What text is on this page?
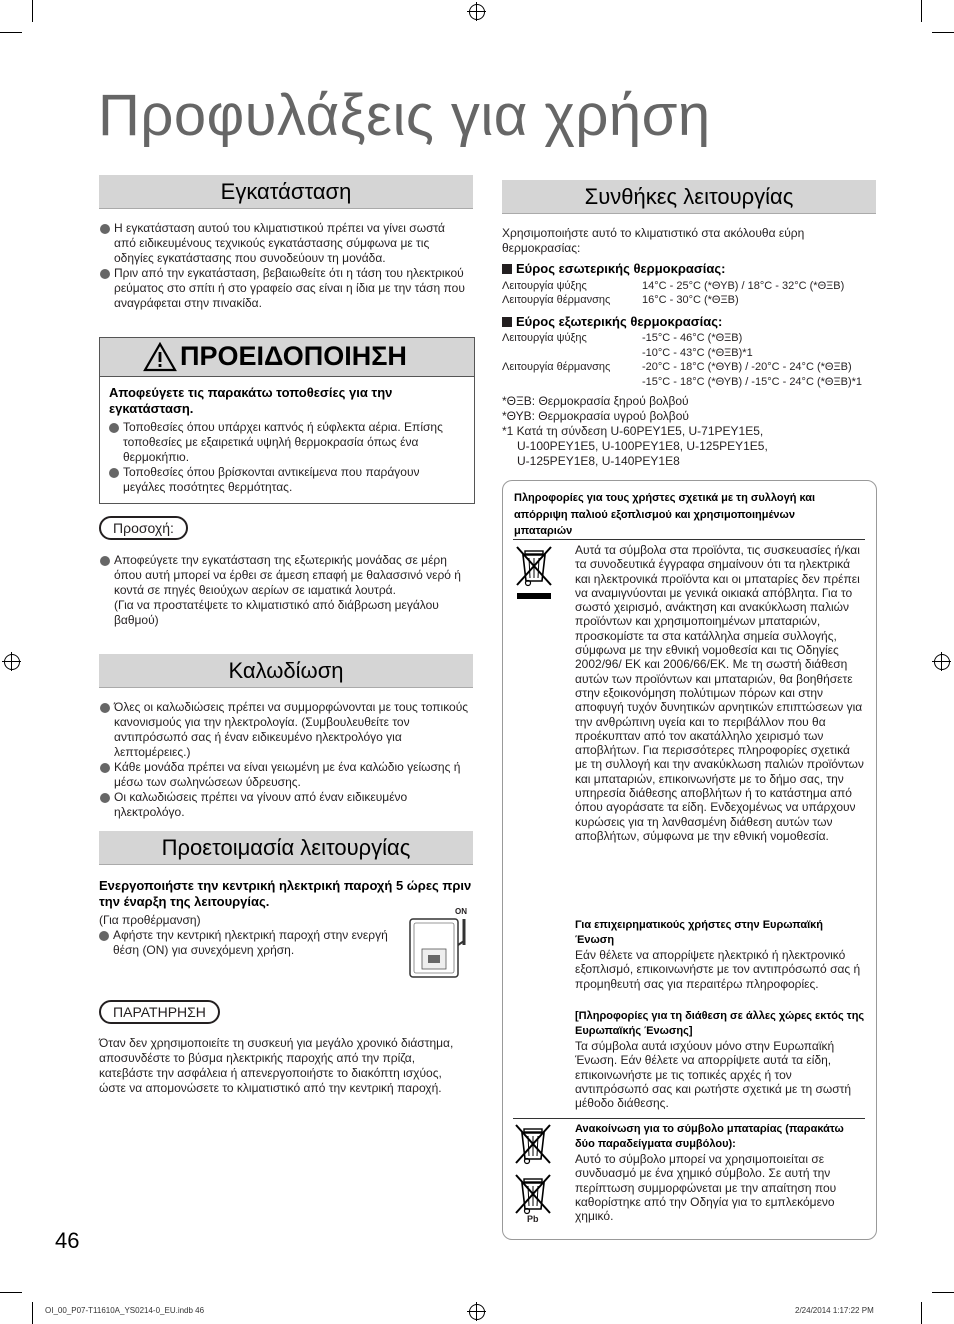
Προφυλάξεις για χρήση
Εγκατάσταση
Η εγκατάσταση αυτού του κλιματιστικού πρέπει να γίνει σωστά από ειδικευμένους τεχνικούς εγκατάστασης σύμφωνα με τις οδηγίες εγκατάστασης που συνοδεύουν τη μονάδα.
Πριν από την εγκατάσταση, βεβαιωθείτε ότι η τάση του ηλεκτρικού ρεύματος στο σπίτι ή στο γραφείο σας είναι η ίδια με την τάση που αναγράφεται στην πινακίδα.
ΠΡΟΕΙΔΟΠΟΙΗΣΗ
Αποφεύγετε τις παρακάτω τοποθεσίες για την εγκατάσταση.
Τοποθεσίες όπου υπάρχει καπνός ή εύφλεκτα αέρια. Επίσης τοποθεσίες με εξαιρετικά υψηλή θερμοκρασία όπως ένα θερμοκήπιο.
Τοποθεσίες όπου βρίσκονται αντικείμενα που παράγουν μεγάλες ποσότητες θερμότητας.
Προσοχή:
Αποφεύγετε την εγκατάσταση της εξωτερικής μονάδας σε μέρη όπου αυτή μπορεί να έρθει σε άμεση επαφή με θαλασσινό νερό ή κοντά σε πηγές θειούχων αερίων σε ιαματικά λουτρά.
(Για να προστατέψετε το κλιματιστικό από διάβρωση μεγάλου βαθμού)
Καλωδίωση
Όλες οι καλωδιώσεις πρέπει να συμμορφώνονται με τους τοπικούς κανονισμούς για την ηλεκτρολογία. (Συμβουλευθείτε τον αντιπρόσωπό σας ή έναν ειδικευμένο ηλεκτρολόγο για λεπτομέρειες.)
Κάθε μονάδα πρέπει να είναι γειωμένη με ένα καλώδιο γείωσης ή μέσω των σωληνώσεων ύδρευσης.
Οι καλωδιώσεις πρέπει να γίνουν από έναν ειδικευμένο ηλεκτρολόγο.
Προετοιμασία λειτουργίας
Ενεργοποιήστε την κεντρική ηλεκτρική παροχή 5 ώρες πριν την έναρξη της λειτουργίας.
(Για προθέρμανση)
Αφήστε την κεντρική ηλεκτρική παροχή στην ενεργή θέση (ON) για συνεχόμενη χρήση.
ON
ΠΑΡΑΤΗΡΗΣΗ
Όταν δεν χρησιμοποιείτε τη συσκευή για μεγάλο χρονικό διάστημα, αποσυνδέστε το βύσμα ηλεκτρικής παροχής από την πρίζα, κατεβάστε την ασφάλεια ή απενεργοποιήστε το διακόπτη ισχύος, ώστε να απομονώσετε το κλιματιστικό από την κεντρική παροχή.
46
Συνθήκες λειτουργίας
Χρησιμοποιήστε αυτό το κλιματιστικό στα ακόλουθα εύρη θερμοκρασίας:
Εύρος εσωτερικής θερμοκρασίας:
Λειτουργία ψύξης	14°C - 25°C (*ΘΥΒ) / 18°C - 32°C (*ΘΞΒ)
Λειτουργία θέρμανσης	16°C - 30°C (*ΘΞΒ)
Εύρος εξωτερικής θερμοκρασίας:
Λειτουργία ψύξης	-15°C - 46°C (*ΘΞΒ)
-10°C - 43°C (*ΘΞΒ)*1
Λειτουργία θέρμανσης	-20°C - 18°C (*ΘΥΒ) / -20°C - 24°C (*ΘΞΒ)
-15°C - 18°C (*ΘΥΒ) / -15°C - 24°C (*ΘΞΒ)*1
*ΘΞΒ: Θερμοκρασία ξηρού βολβού
*ΘΥΒ: Θερμοκρασία υγρού βολβού
*1 Κατά τη σύνδεση U-60PEY1E5, U-71PEY1E5,
U-100PEY1E5, U-100PEY1E8, U-125PEY1E5,
U-125PEY1E8, U-140PEY1E8
Πληροφορίες για τους χρήστες σχετικά με τη συλλογή και απόρριψη παλιού εξοπλισμού και χρησιμοποιημένων μπαταριών
Αυτά τα σύμβολα στα προϊόντα, τις συσκευασίες ή/και τα συνοδευτικά έγγραφα σημαίνουν ότι τα ηλεκτρικά και ηλεκτρονικά προϊόντα και οι μπαταρίες δεν πρέπει να αναμιγνύονται με γενικά οικιακά απόβλητα. Για το σωστό χειρισμό, ανάκτηση και ανακύκλωση παλιών προϊόντων και χρησιμοποιημένων μπαταριών, προσκομίστε τα στα κατάλληλα σημεία συλλογής, σύμφωνα με την εθνική νομοθεσία και τις Οδηγίες 2002/96/ ΕΚ και 2006/66/ΕΚ. Με τη σωστή διάθεση αυτών των προϊόντων και μπαταριών, θα βοηθήσετε στην εξοικονόμηση πολύτιμων πόρων και στην αποφυγή τυχόν δυνητικών αρνητικών επιπτώσεων για την ανθρώπινη υγεία και το περιβάλλον που θα προέκυπταν από τον ακατάλληλο χειρισμό των αποβλήτων. Για περισσότερες πληροφορίες σχετικά με τη συλλογή και την ανακύκλωση παλιών προϊόντων και μπαταριών, επικοινωνήστε με το δήμο σας, την υπηρεσία διάθεσης αποβλήτων ή το κατάστημα από όπου αγοράσατε τα είδη. Ενδεχομένως να υπάρχουν κυρώσεις για τη λανθασμένη διάθεση αυτών των αποβλήτων, σύμφωνα με την εθνική νομοθεσία.
Για επιχειρηματικούς χρήστες στην Ευρωπαϊκή Ένωση
Εάν θέλετε να απορρίψετε ηλεκτρικό ή ηλεκτρονικό εξοπλισμό, επικοινωνήστε με τον αντιπρόσωπό σας ή προμηθευτή σας για περαιτέρω πληροφορίες.
[Πληροφορίες για τη διάθεση σε άλλες χώρες εκτός της Ευρωπαϊκής Ένωσης]
Τα σύμβολα αυτά ισχύουν μόνο στην Ευρωπαϊκή Ένωση. Εάν θέλετε να απορρίψετε αυτά τα είδη, επικοινωνήστε με τις τοπικές αρχές ή τον αντιπρόσωπό σας και ρωτήστε σχετικά με τη σωστή μέθοδο διάθεσης.
Pb
Ανακοίνωση για το σύμβολο μπαταρίας (παρακάτω δύο παραδείγματα συμβόλου):
Αυτό το σύμβολο μπορεί να χρησιμοποιείται σε συνδυασμό με ένα χημικό σύμβολο. Σε αυτή την περίπτωση συμμορφώνεται με την απαίτηση που καθορίστηκε από την Οδηγία για το εμπλεκόμενο χημικό.
OI_00_P07-T11610A_YS0214-0_EU.indb 46	2/24/2014 1:17:22 PM
